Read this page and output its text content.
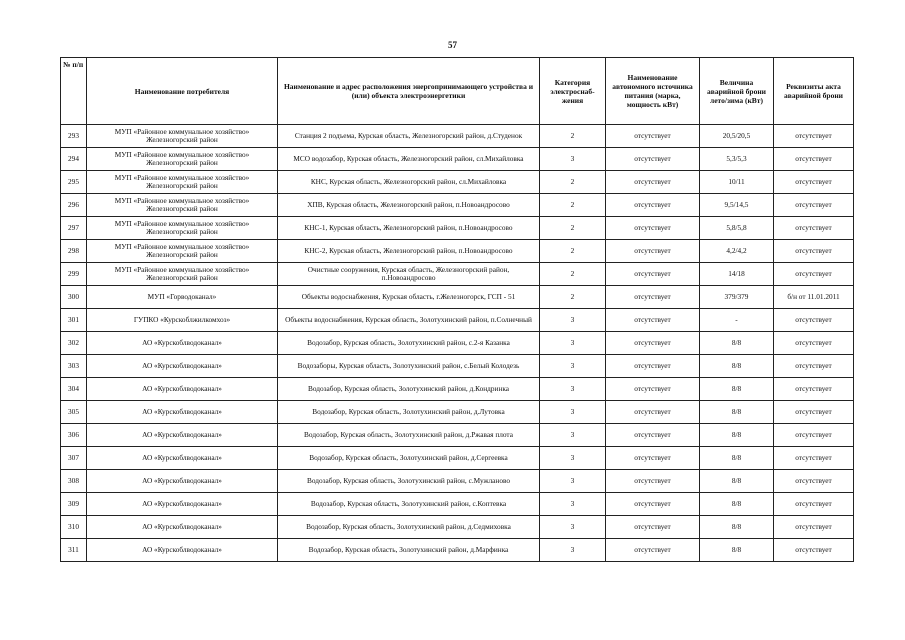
57
№ п/п	Наименование потребителя	Наименование и адрес расположения энергопринимающего устройства и (или) объекта электроэнергетики	Категория электроснаб-жения	Наименование автономного источника питания (марка, мощность кВт)	Величина аварийной брони лето/зима (кВт)	Реквизиты акта аварийной брони
293	МУП «Районное коммунальное хозяйство» Железногорский район	Станция 2 подъема, Курская область, Железногорский район, д.Студенок	2	отсутствует	20,5/20,5	отсутствует
294	МУП «Районное коммунальное хозяйство» Железногорский район	МСО водозабор, Курская область, Железногорский район, сл.Михайловка	3	отсутствует	5,3/5,3	отсутствует
295	МУП «Районное коммунальное хозяйство» Железногорский район	КНС, Курская область, Железногорский район, сл.Михайловка	2	отсутствует	10/11	отсутствует
296	МУП «Районное коммунальное хозяйство» Железногорский район	ХПВ, Курская область, Железногорский район, п.Новоандросово	2	отсутствует	9,5/14,5	отсутствует
297	МУП «Районное коммунальное хозяйство» Железногорский район	КНС-1, Курская область, Железногорский район, п.Новоандросово	2	отсутствует	5,8/5,8	отсутствует
298	МУП «Районное коммунальное хозяйство» Железногорский район	КНС-2, Курская область, Железногорский район, п.Новоандросово	2	отсутствует	4,2/4,2	отсутствует
299	МУП «Районное коммунальное хозяйство» Железногорский район	Очистные сооружения, Курская область, Железногорский район, п.Новоандросово	2	отсутствует	14/18	отсутствует
300	МУП «Горводоканал»	Объекты водоснабжения, Курская область, г.Железногорск, ГСП - 51	2	отсутствует	379/379	б/н от 11.01.2011
301	ГУПКО «Курскоблжилкомхоз»	Объекты водоснабжения, Курская область, Золотухинский район, п.Солнечный	3	отсутствует	-	отсутствует
302	АО «Курскоблводоканал»	Водозабор, Курская область, Золотухинский район, с.2-я Казанка	3	отсутствует	8/8	отсутствует
303	АО «Курскоблводоканал»	Водозаборы, Курская область, Золотухинский район, с.Белый Колодезь	3	отсутствует	8/8	отсутствует
304	АО «Курскоблводоканал»	Водозабор, Курская область, Золотухинский район, д.Кондринка	3	отсутствует	8/8	отсутствует
305	АО «Курскоблводоканал»	Водозабор, Курская область, Золотухинский район, д.Лутовка	3	отсутствует	8/8	отсутствует
306	АО «Курскоблводоканал»	Водозабор, Курская область, Золотухинский район, д.Ржавая плота	3	отсутствует	8/8	отсутствует
307	АО «Курскоблводоканал»	Водозабор, Курская область, Золотухинский район, д.Сергеевка	3	отсутствует	8/8	отсутствует
308	АО «Курскоблводоканал»	Водозабор, Курская область, Золотухинский район, с.Мужланово	3	отсутствует	8/8	отсутствует
309	АО «Курскоблводоканал»	Водозабор, Курская область, Золотухинский район, с.Коптевка	3	отсутствует	8/8	отсутствует
310	АО «Курскоблводоканал»	Водозабор, Курская область, Золотухинский район, д.Седмиховка	3	отсутствует	8/8	отсутствует
311	АО «Курскоблводоканал»	Водозабор, Курская область, Золотухинский район, д.Марфинка	3	отсутствует	8/8	отсутствует
